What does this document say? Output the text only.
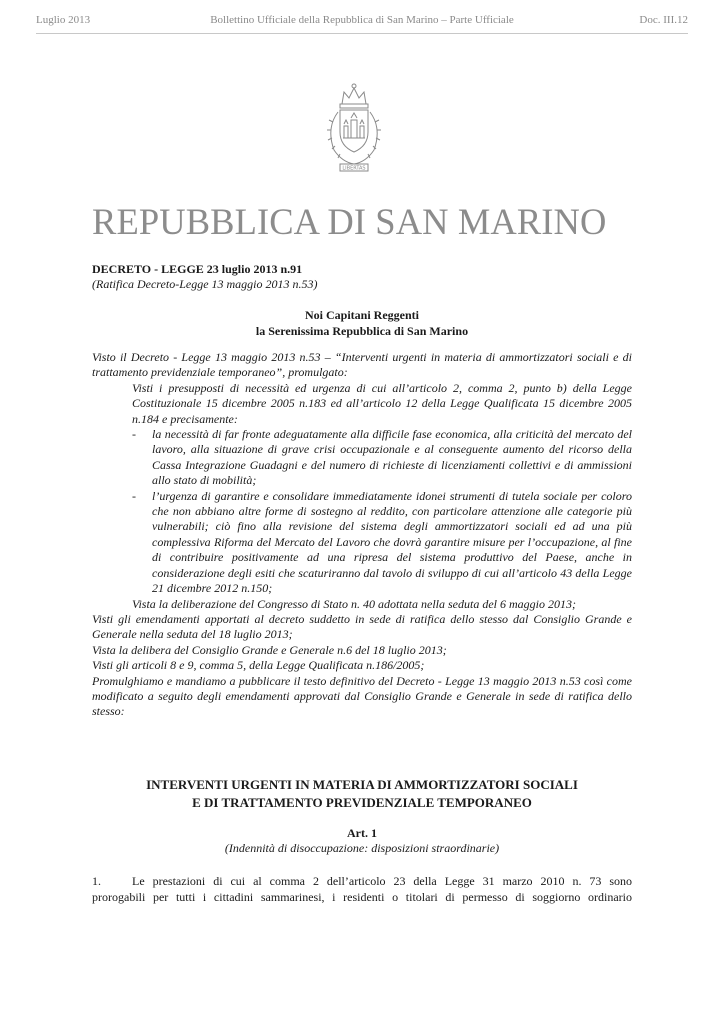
Luglio 2013	Bollettino Ufficiale della Repubblica di San Marino – Parte Ufficiale	Doc. III.12
LIBERTAS
REPUBBLICA DI SAN MARINO
DECRETO - LEGGE 23 luglio 2013 n.91
(Ratifica Decreto-Legge 13 maggio 2013 n.53)
Noi Capitani Reggenti
la Serenissima Repubblica di San Marino

Visto il Decreto - Legge 13 maggio 2013 n.53 – “Interventi urgenti in materia di ammortizzatori sociali e di trattamento previdenziale temporaneo”, promulgato:

Visti i presupposti di necessità ed urgenza di cui all’articolo 2, comma 2, punto b) della Legge Costituzionale 15 dicembre 2005 n.183 ed all’articolo 12 della Legge Qualificata 15 dicembre 2005 n.184 e precisamente:

- la necessità di far fronte adeguatamente alla difficile fase economica, alla criticità del mercato del lavoro, alla situazione di grave crisi occupazionale e al conseguente aumento del ricorso della Cassa Integrazione Guadagni e del numero di richieste di licenziamenti collettivi e di ammissioni allo stato di mobilità;

- l’urgenza di garantire e consolidare immediatamente idonei strumenti di tutela sociale per coloro che non abbiano altre forme di sostegno al reddito, con particolare attenzione alle categorie più vulnerabili; ciò fino alla revisione del sistema degli ammortizzatori sociali ed ad una più complessiva Riforma del Mercato del Lavoro che dovrà garantire misure per l’occupazione, al fine di contribuire positivamente ad una ripresa del sistema produttivo del Paese, anche in considerazione degli esiti che scaturiranno dal tavolo di sviluppo di cui all’articolo 43 della Legge 21 dicembre 2012 n.150;

Vista la deliberazione del Congresso di Stato n. 40 adottata nella seduta del 6 maggio 2013;

Visti gli emendamenti apportati al decreto suddetto in sede di ratifica dello stesso dal Consiglio Grande e Generale nella seduta del 18 luglio 2013;

Vista la delibera del Consiglio Grande e Generale n.6 del 18 luglio 2013;

Visti gli articoli 8 e 9, comma 5, della Legge Qualificata n.186/2005;

Promulghiamo e mandiamo a pubblicare il testo definitivo del Decreto - Legge 13 maggio 2013 n.53 così come modificato a seguito degli emendamenti approvati dal Consiglio Grande e Generale in sede di ratifica dello stesso:

INTERVENTI URGENTI IN MATERIA DI AMMORTIZZATORI SOCIALI
E DI TRATTAMENTO PREVIDENZIALE TEMPORANEO
Art. 1
(Indennità di disoccupazione: disposizioni straordinarie)
1.	Le prestazioni di cui al comma 2 dell’articolo 23 della Legge 31 marzo 2010 n. 73 sono
prorogabili per tutti i cittadini sammarinesi, i residenti o titolari di permesso di soggiorno ordinario
